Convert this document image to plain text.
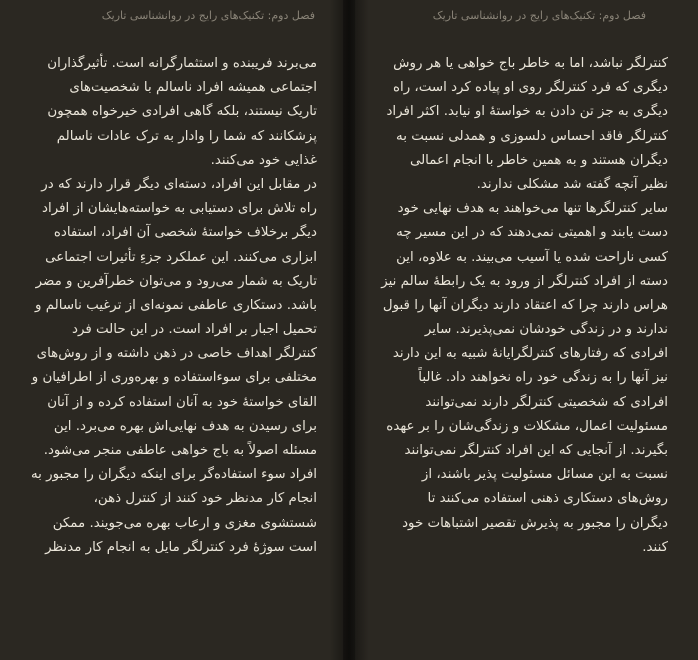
فصل دوم: تکنیک‌های رایج در روانشناسی تاریک
می‌برند فریبنده و استثمارگرانه است. تأثیرگذاران
اجتماعی همیشه افراد ناسالم با شخصیت‌های
تاریک نیستند، بلکه گاهی افرادی خیرخواه همچون
پزشکانند که شما را وادار به ترک عادات ناسالم
غذایی خود می‌کنند.
در مقابل این افراد، دسته‌ای دیگر قرار دارند که در
راه تلاش برای دستیابی به خواسته‌هایشان از افراد
دیگر برخلاف خواستهٔ شخصی آن افراد، استفاده
ابزاری می‌کنند. این عملکرد جزءِ تأثیرات اجتماعی
تاریک به شمار می‌رود و می‌توان خطرآفرین و مضر
باشد. دستکاری عاطفی نمونه‌ای از ترغیب ناسالم و
تحمیل اجبار بر افراد است. در این حالت فرد
کنترلگر اهداف خاصی در ذهن داشته و از روش‌های
مختلفی برای سوءاستفاده و بهره‌وری از اطرافیان و
القای خواستهٔ خود به آنان استفاده کرده و از آنان
برای رسیدن به هدف نهایی‌اش بهره می‌برد. این
مسئله اصولاً به باج خواهی عاطفی منجر می‌شود.
افراد سوء استفاده‌گر برای اینکه دیگران را مجبور به
انجام کار مدنظر خود کنند از کنترل ذهن،
شستشوی مغزی و ارعاب بهره می‌جویند. ممکن
است سوژهٔ فرد کنترلگر مایل به انجام کار مدنظر
فصل دوم: تکنیک‌های رایج در روانشناسی تاریک
کنترلگر نباشد، اما به خاطر باج خواهی یا هر روش
دیگری که فرد کنترلگر روی او پیاده کرد است، راه
دیگری به جز تن دادن به خواستهٔ او نیابد. اکثر افراد
کنترلگر فاقد احساس دلسوزی و همدلی نسبت به
دیگران هستند و به همین خاطر با انجام اعمالی
نظیر آنچه گفته شد مشکلی ندارند.
سایر کنترلگرها تنها می‌خواهند به هدف نهایی خود
دست یابند و اهمیتی نمی‌دهند که در این مسیر چه
کسی ناراحت شده یا آسیب می‌بیند. به علاوه، این
دسته از افراد کنترلگر از ورود به یک رابطهٔ سالم نیز
هراس دارند چرا که اعتقاد دارند دیگران آنها را قبول
ندارند و در زندگی خودشان نمی‌پذیرند. سایر
افرادی که رفتارهای کنترلگرایانهٔ شبیه به این دارند
نیز آنها را به زندگی خود راه نخواهند داد. غالباً
افرادی که شخصیتی کنترلگر دارند نمی‌توانند
مسئولیت اعمال، مشکلات و زندگی‌شان را بر عهده
بگیرند. از آنجایی که این افراد کنترلگر نمی‌توانند
نسبت به این مسائل مسئولیت پذیر باشند، از
روش‌های دستکاری ذهنی استفاده می‌کنند تا
دیگران را مجبور به پذیرش تقصیر اشتباهات خود
کنند.
